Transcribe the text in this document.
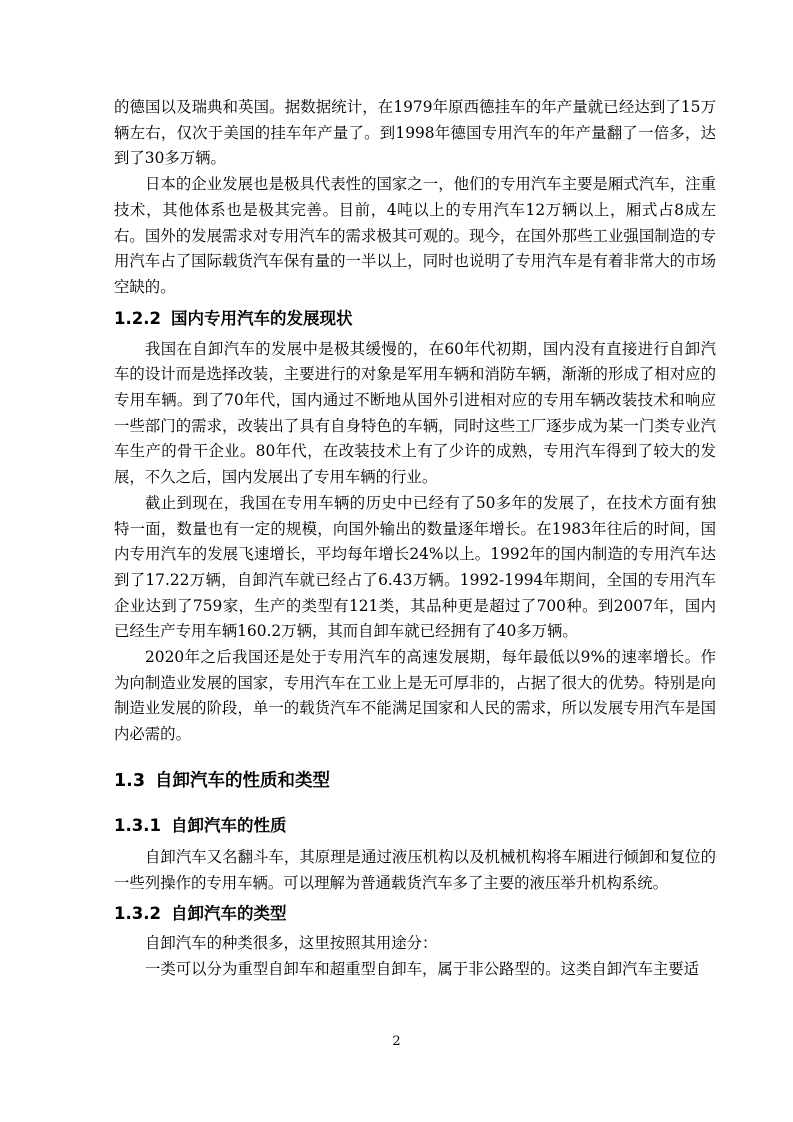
的德国以及瑞典和英国。据数据统计，在1979年原西德挂车的年产量就已经达到了15万辆左右，仅次于美国的挂车年产量了。到1998年德国专用汽车的年产量翻了一倍多，达到了30多万辆。

日本的企业发展也是极具代表性的国家之一，他们的专用汽车主要是厢式汽车，注重技术，其他体系也是极其完善。目前，4吨以上的专用汽车12万辆以上，厢式占8成左右。国外的发展需求对专用汽车的需求极其可观的。现今，在国外那些工业强国制造的专用汽车占了国际载货汽车保有量的一半以上，同时也说明了专用汽车是有着非常大的市场空缺的。

1.2.2 国内专用汽车的发展现状

我国在自卸汽车的发展中是极其缓慢的，在60年代初期，国内没有直接进行自卸汽车的设计而是选择改装，主要进行的对象是军用车辆和消防车辆，渐渐的形成了相对应的专用车辆。到了70年代，国内通过不断地从国外引进相对应的专用车辆改装技术和响应一些部门的需求，改装出了具有自身特色的车辆，同时这些工厂逐步成为某一门类专业汽车生产的骨干企业。80年代，在改装技术上有了少许的成熟，专用汽车得到了较大的发展，不久之后，国内发展出了专用车辆的行业。

截止到现在，我国在专用车辆的历史中已经有了50多年的发展了，在技术方面有独特一面，数量也有一定的规模，向国外输出的数量逐年增长。在1983年往后的时间，国内专用汽车的发展飞速增长，平均每年增长24%以上。1992年的国内制造的专用汽车达到了17.22万辆，自卸汽车就已经占了6.43万辆。1992-1994年期间，全国的专用汽车企业达到了759家，生产的类型有121类，其品种更是超过了700种。到2007年，国内已经生产专用车辆160.2万辆，其而自卸车就已经拥有了40多万辆。

2020年之后我国还是处于专用汽车的高速发展期，每年最低以9%的速率增长。作为向制造业发展的国家，专用汽车在工业上是无可厚非的，占据了很大的优势。特别是向制造业发展的阶段，单一的载货汽车不能满足国家和人民的需求，所以发展专用汽车是国内必需的。

1.3 自卸汽车的性质和类型
1.3.1 自卸汽车的性质

自卸汽车又名翻斗车，其原理是通过液压机构以及机械机构将车厢进行倾卸和复位的一些列操作的专用车辆。可以理解为普通载货汽车多了主要的液压举升机构系统。

1.3.2 自卸汽车的类型

自卸汽车的种类很多，这里按照其用途分：

一类可以分为重型自卸车和超重型自卸车，属于非公路型的。这类自卸汽车主要适

2
